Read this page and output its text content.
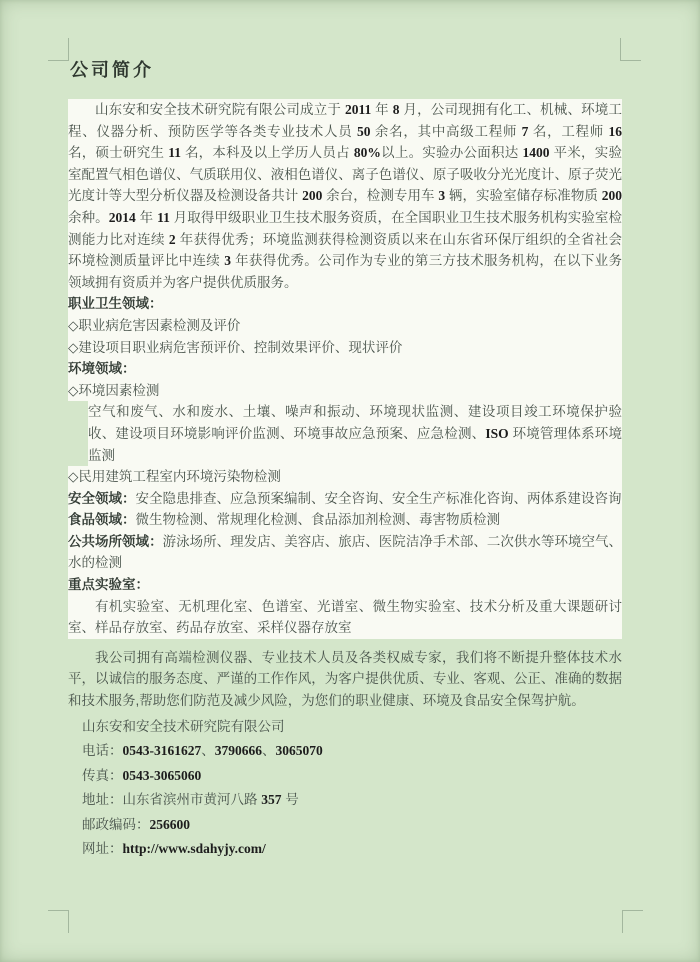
公司简介

山东安和安全技术研究院有限公司成立于 2011 年 8 月，公司现拥有化工、机械、环境工程、仪器分析、预防医学等各类专业技术人员 50 余名，其中高级工程师 7 名，工程师 16 名，硕士研究生 11 名，本科及以上学历人员占 80%以上。实验办公面积达 1400 平米，实验室配置气相色谱仪、气质联用仪、液相色谱仪、离子色谱仪、原子吸收分光光度计、原子荧光光度计等大型分析仪器及检测设备共计 200 余台，检测专用车 3 辆，实验室储存标准物质 200 余种。2014 年 11 月取得甲级职业卫生技术服务资质，在全国职业卫生技术服务机构实验室检测能力比对连续 2 年获得优秀；环境监测获得检测资质以来在山东省环保厅组织的全省社会环境检测质量评比中连续 3 年获得优秀。公司作为专业的第三方技术服务机构，在以下业务领域拥有资质并为客户提供优质服务。

职业卫生领域：

◇职业病危害因素检测及评价

◇建设项目职业病危害预评价、控制效果评价、现状评价

环境领域：

◇环境因素检测

空气和废气、水和废水、土壤、噪声和振动、环境现状监测、建设项目竣工环境保护验收、建设项目环境影响评价监测、环境事故应急预案、应急检测、ISO 环境管理体系环境监测

◇民用建筑工程室内环境污染物检测

安全领域：安全隐患排查、应急预案编制、安全咨询、安全生产标准化咨询、两体系建设咨询

食品领域：微生物检测、常规理化检测、食品添加剂检测、毒害物质检测

公共场所领域：游泳场所、理发店、美容店、旅店、医院洁净手术部、二次供水等环境空气、水的检测

重点实验室：

有机实验室、无机理化室、色谱室、光谱室、微生物实验室、技术分析及重大课题研讨室、样品存放室、药品存放室、采样仪器存放室

我公司拥有高端检测仪器、专业技术人员及各类权威专家，我们将不断提升整体技术水平，以诚信的服务态度、严谨的工作作风，为客户提供优质、专业、客观、公正、准确的数据和技术服务,帮助您们防范及减少风险，为您们的职业健康、环境及食品安全保驾护航。

山东安和安全技术研究院有限公司

电话：0543-3161627、3790666、3065070

传真：0543-3065060

地址：山东省滨州市黄河八路 357 号

邮政编码：256600

网址：http://www.sdahyjy.com/
